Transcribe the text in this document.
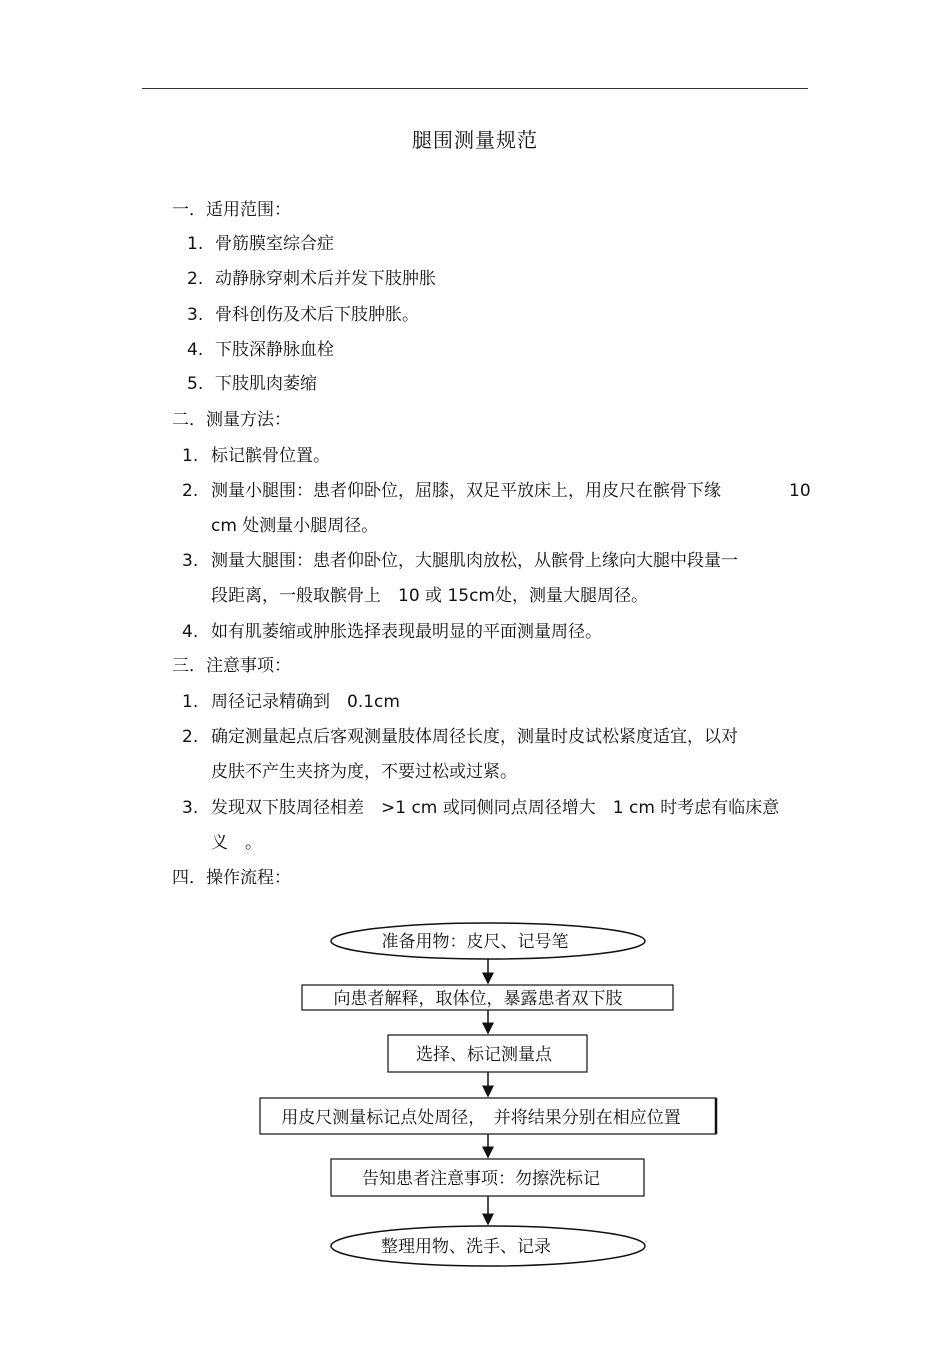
腿围测量规范
一．适用范围：
1. 骨筋膜室综合症
2. 动静脉穿刺术后并发下肢肿胀
3. 骨科创伤及术后下肢肿胀。
4. 下肢深静脉血栓
5. 下肢肌肉萎缩
二．测量方法：
1. 标记髌骨位置。
2. 测量小腿围：患者仰卧位，屈膝，双足平放床上，用皮尺在髌骨下缘	10
cm 处测量小腿周径。
3. 测量大腿围：患者仰卧位，大腿肌肉放松，从髌骨上缘向大腿中段量一
段距离，一般取髌骨上　10 或 15cm处，测量大腿周径。
4. 如有肌萎缩或肿胀选择表现最明显的平面测量周径。
三．注意事项：
1. 周径记录精确到　0.1cm
2. 确定测量起点后客观测量肢体周径长度，测量时皮试松紧度适宜，以对
皮肤不产生夹挤为度，不要过松或过紧。
3. 发现双下肢周径相差　>1 cm 或同侧同点周径增大　1 cm 时考虑有临床意
义　。
四．操作流程：
准备用物：皮尺、记号笔
向患者解释，取体位，暴露患者双下肢
选择、标记测量点
用皮尺测量标记点处周径，　并将结果分别在相应位置
告知患者注意事项：勿擦洗标记
整理用物、洗手、记录
